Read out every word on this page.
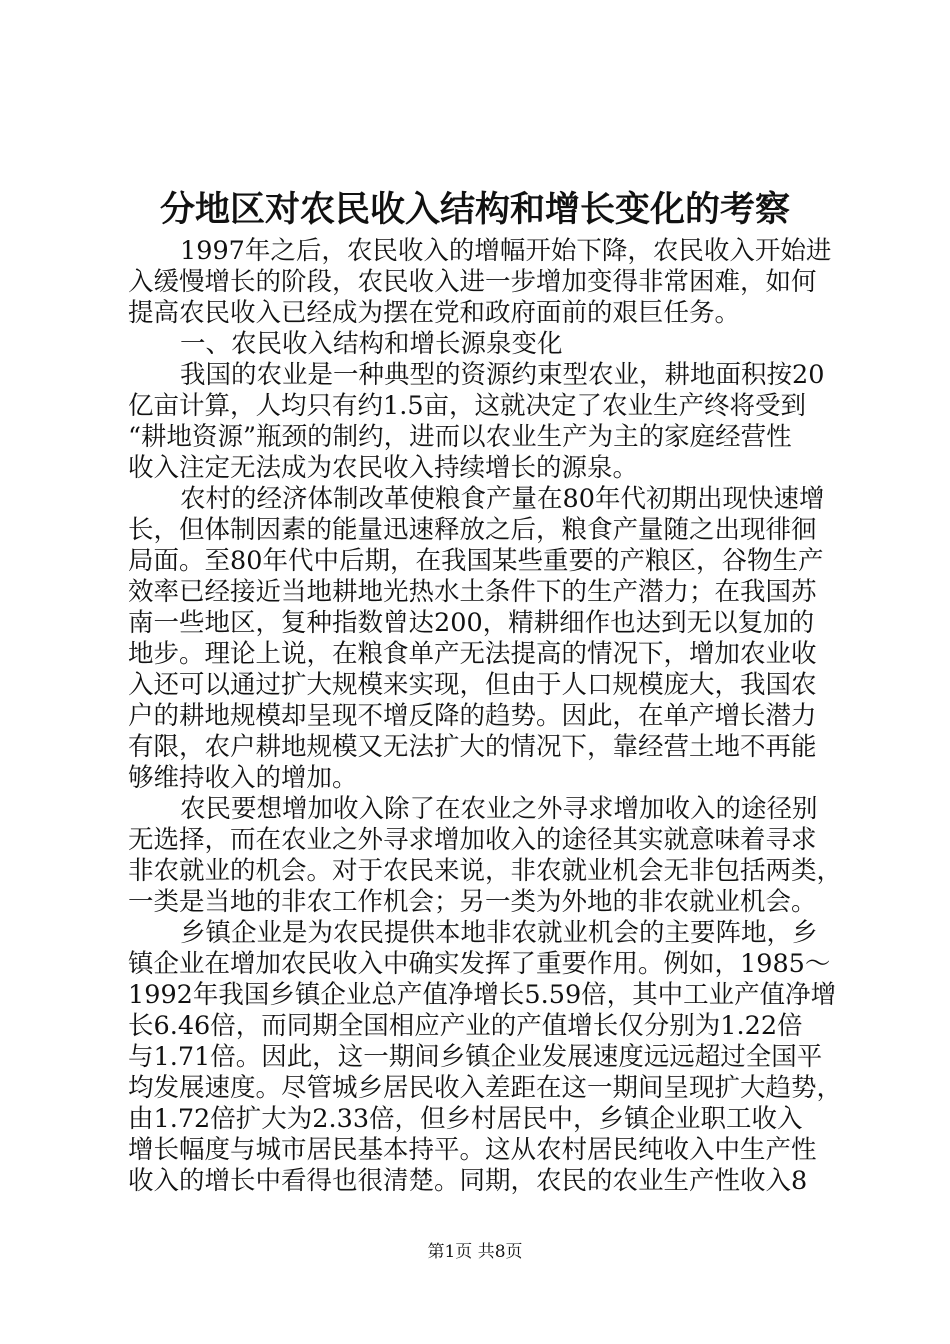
分地区对农民收入结构和增长变化的考察
1997年之后，农民收入的增幅开始下降，农民收入开始进
入缓慢增长的阶段，农民收入进一步增加变得非常困难，如何
提高农民收入已经成为摆在党和政府面前的艰巨任务。
一、农民收入结构和增长源泉变化
我国的农业是一种典型的资源约束型农业，耕地面积按20
亿亩计算，人均只有约1.5亩，这就决定了农业生产终将受到
“耕地资源”瓶颈的制约，进而以农业生产为主的家庭经营性
收入注定无法成为农民收入持续增长的源泉。
农村的经济体制改革使粮食产量在80年代初期出现快速增
长，但体制因素的能量迅速释放之后，粮食产量随之出现徘徊
局面。至80年代中后期，在我国某些重要的产粮区，谷物生产
效率已经接近当地耕地光热水土条件下的生产潜力；在我国苏
南一些地区，复种指数曾达200，精耕细作也达到无以复加的
地步。理论上说，在粮食单产无法提高的情况下，增加农业收
入还可以通过扩大规模来实现，但由于人口规模庞大，我国农
户的耕地规模却呈现不增反降的趋势。因此，在单产增长潜力
有限，农户耕地规模又无法扩大的情况下，靠经营土地不再能
够维持收入的增加。
农民要想增加收入除了在农业之外寻求增加收入的途径别
无选择，而在农业之外寻求增加收入的途径其实就意味着寻求
非农就业的机会。对于农民来说，非农就业机会无非包括两类，
一类是当地的非农工作机会；另一类为外地的非农就业机会。
乡镇企业是为农民提供本地非农就业机会的主要阵地，乡
镇企业在增加农民收入中确实发挥了重要作用。例如，1985～
1992年我国乡镇企业总产值净增长5.59倍，其中工业产值净增
长6.46倍，而同期全国相应产业的产值增长仅分别为1.22倍
与1.71倍。因此，这一期间乡镇企业发展速度远远超过全国平
均发展速度。尽管城乡居民收入差距在这一期间呈现扩大趋势，
由1.72倍扩大为2.33倍，但乡村居民中，乡镇企业职工收入
增长幅度与城市居民基本持平。这从农村居民纯收入中生产性
收入的增长中看得也很清楚。同期，农民的农业生产性收入8
第1页 共8页
